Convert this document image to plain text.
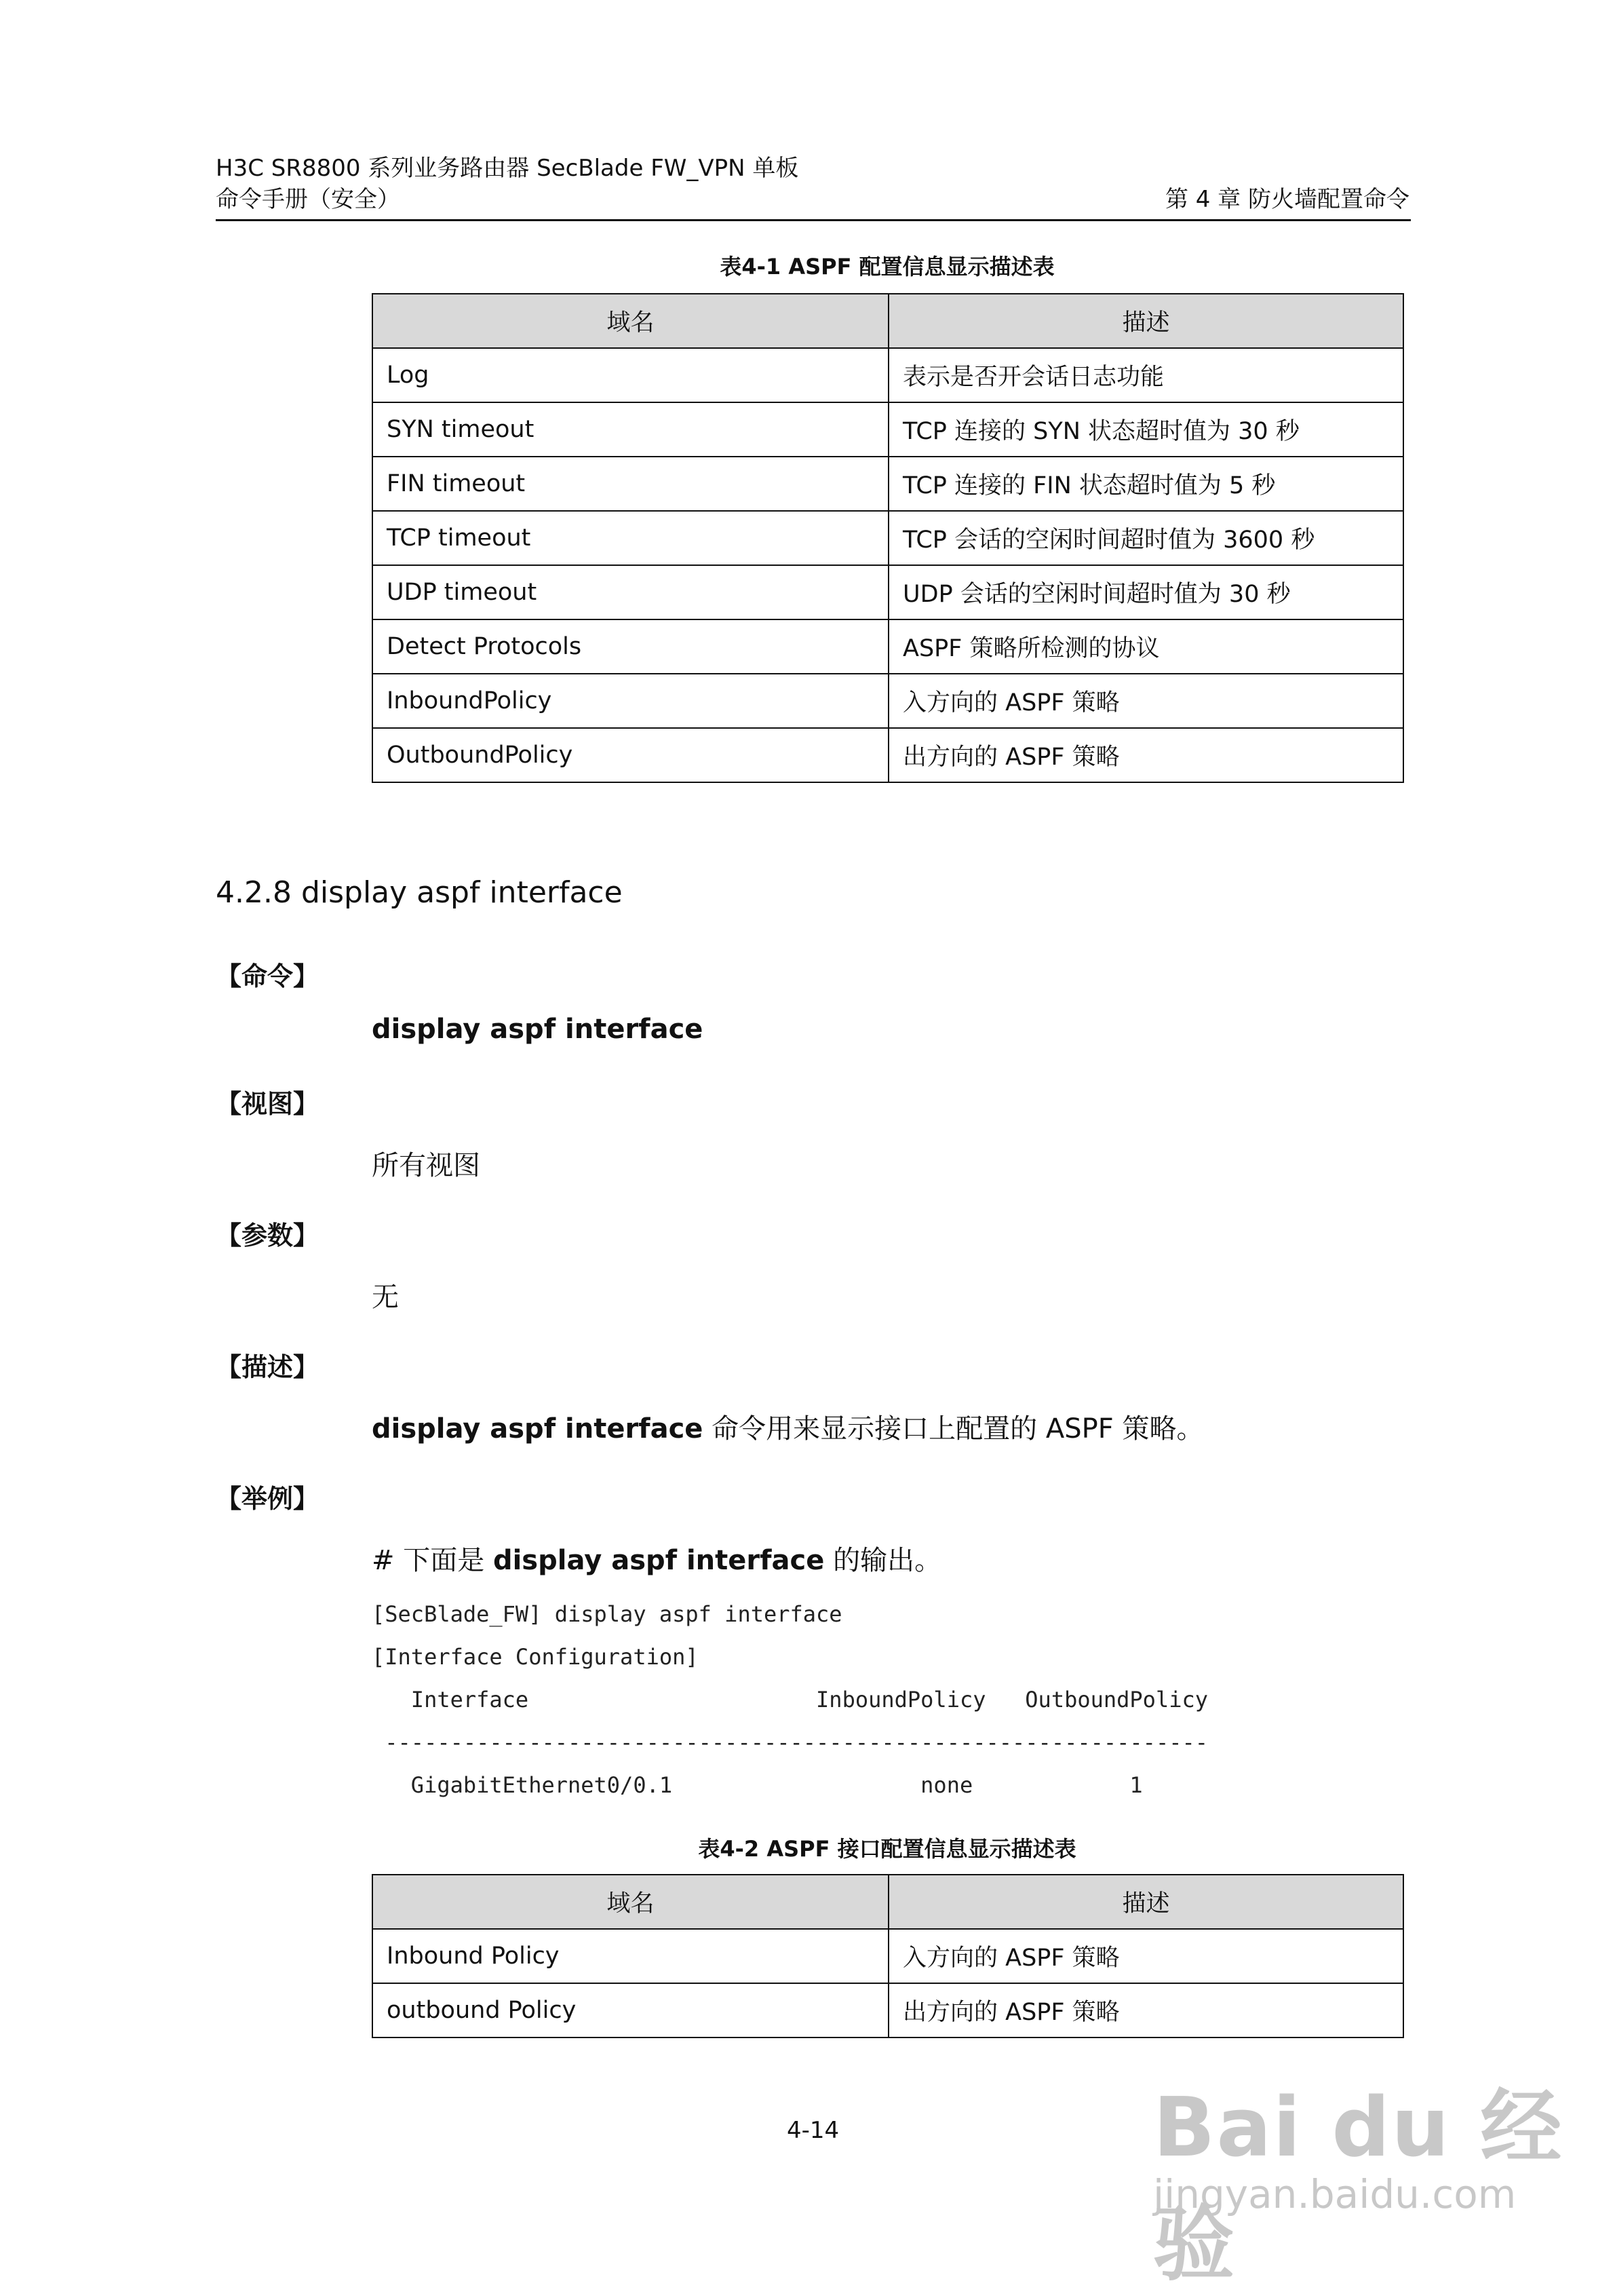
H3C SR8800 系列业务路由器 SecBlade FW_VPN 单板
命令手册（安全）	第 4 章 防火墙配置命令
表4-1 ASPF 配置信息显示描述表
域名	描述
Log	表示是否开会话日志功能
SYN timeout	TCP 连接的 SYN 状态超时值为 30 秒
FIN timeout	TCP 连接的 FIN 状态超时值为 5 秒
TCP timeout	TCP 会话的空闲时间超时值为 3600 秒
UDP timeout	UDP 会话的空闲时间超时值为 30 秒
Detect Protocols	ASPF 策略所检测的协议
InboundPolicy	入方向的 ASPF 策略
OutboundPolicy	出方向的 ASPF 策略
4.2.8 display aspf interface
【命令】
display aspf interface
【视图】
所有视图
【参数】
无
【描述】
display aspf interface 命令用来显示接口上配置的 ASPF 策略。
【举例】
# 下面是 display aspf interface 的输出。
[SecBlade_FW] display aspf interface
[Interface Configuration]
Interface                      InboundPolicy   OutboundPolicy
---------------------------------------------------------------
GigabitEthernet0/0.1                   none            1
表4-2 ASPF 接口配置信息显示描述表
域名	描述
Inbound Policy	入方向的 ASPF 策略
outbound Policy	出方向的 ASPF 策略
4-14	Bai du 经验
jingyan.baidu.com
